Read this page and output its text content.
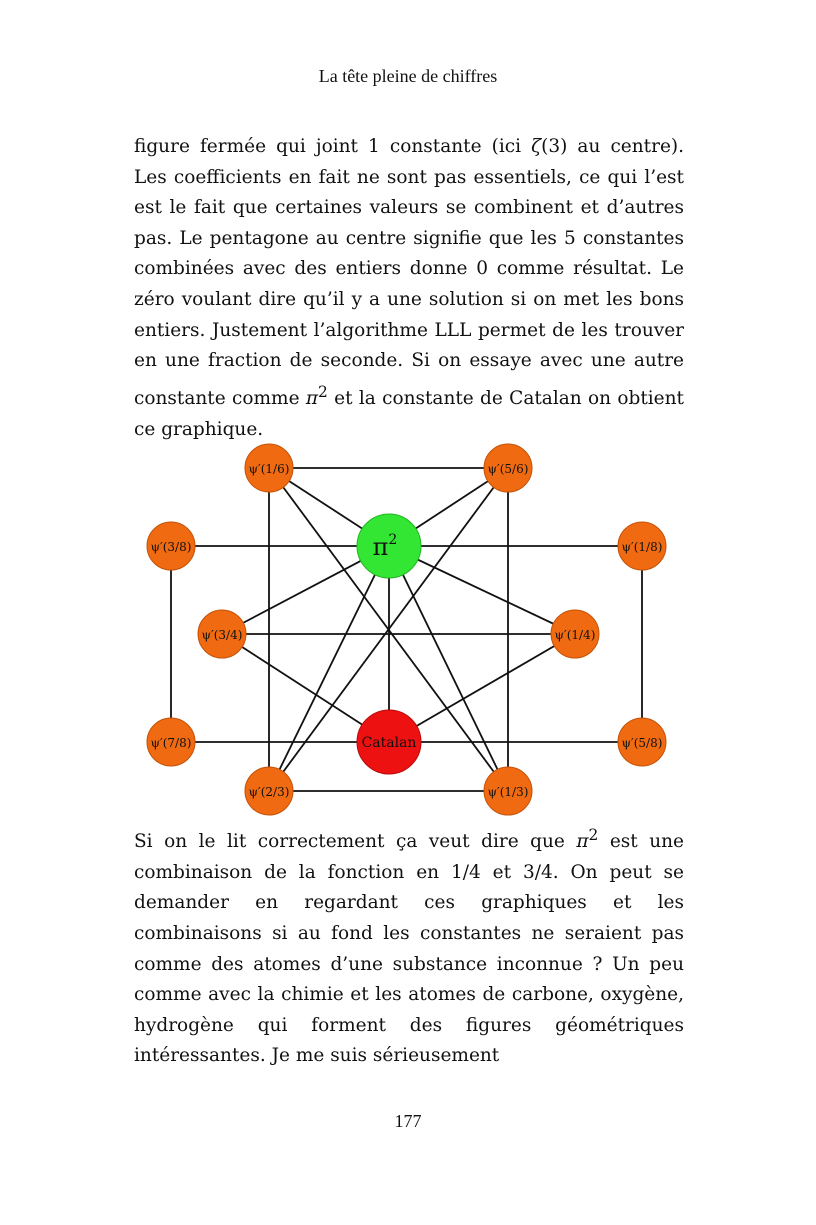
La tête pleine de chiffres

figure fermée qui joint 1 constante (ici ζ(3) au centre). Les coefficients en fait ne sont pas essentiels, ce qui l’est est le fait que certaines valeurs se combinent et d’autres pas. Le pentagone au centre signifie que les 5 constantes combinées avec des entiers donne 0 comme résultat. Le zéro voulant dire qu’il y a une solution si on met les bons entiers. Justement l’algorithme LLL permet de les trouver en une fraction de seconde. Si on essaye avec une autre constante comme $\pi^2$ et la constante de Catalan on obtient ce graphique.

ψ′(1/6)	ψ′(5/6)
ψ′(3/8)	$\pi^2$	ψ′(1/8)
ψ′(3/4)	ψ′(1/4)
ψ′(7/8)	Catalan	ψ′(5/8)
ψ′(2/3)	ψ′(1/3)

Si on le lit correctement ça veut dire que $\pi^2$ est une combinaison de la fonction en 1/4 et 3/4. On peut se demander en regardant ces graphiques et les combinaisons si au fond les constantes ne seraient pas comme des atomes d’une substance inconnue ? Un peu comme avec la chimie et les atomes de carbone, oxygène, hydrogène qui forment des figures géométriques intéressantes. Je me suis sérieusement

177
